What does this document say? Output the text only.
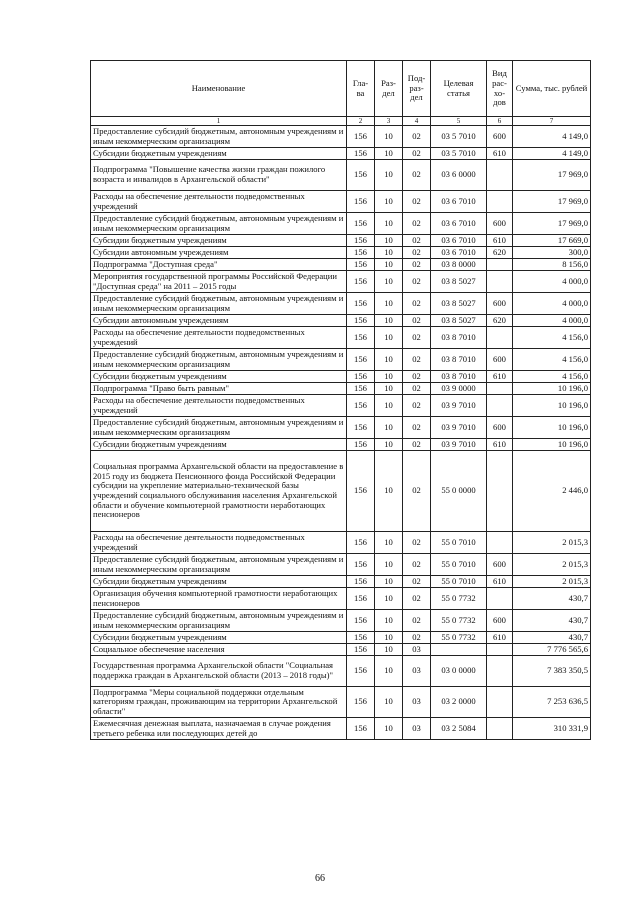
Наименование	Гла-ва	Раз-дел	Под-раз-дел	Целевая статья	Вид рас-хо-дов	Сумма, тыс. рублей
1	2	3	4	5	6	7
Предоставление субсидий бюджетным, автономным учреждениям и иным некоммерческим организациям	156	10	02	03 5 7010	600	4 149,0
Субсидии бюджетным учреждениям	156	10	02	03 5 7010	610	4 149,0
Подпрограмма "Повышение качества жизни граждан пожилого возраста и инвалидов в Архангельской области"	156	10	02	03 6 0000		17 969,0
Расходы на обеспечение деятельности подведомственных учреждений	156	10	02	03 6 7010		17 969,0
Предоставление субсидий бюджетным, автономным учреждениям и иным некоммерческим организациям	156	10	02	03 6 7010	600	17 969,0
Субсидии бюджетным учреждениям	156	10	02	03 6 7010	610	17 669,0
Субсидии автономным учреждениям	156	10	02	03 6 7010	620	300,0
Подпрограмма "Доступная среда"	156	10	02	03 8 0000		8 156,0
Мероприятия государственной программы Российской Федерации "Доступная среда" на 2011 – 2015 годы	156	10	02	03 8 5027		4 000,0
Предоставление субсидий бюджетным, автономным учреждениям и иным некоммерческим организациям	156	10	02	03 8 5027	600	4 000,0
Субсидии автономным учреждениям	156	10	02	03 8 5027	620	4 000,0
Расходы на обеспечение деятельности подведомственных учреждений	156	10	02	03 8 7010		4 156,0
Предоставление субсидий бюджетным, автономным учреждениям и иным некоммерческим организациям	156	10	02	03 8 7010	600	4 156,0
Субсидии бюджетным учреждениям	156	10	02	03 8 7010	610	4 156,0
Подпрограмма "Право быть равным"	156	10	02	03 9 0000		10 196,0
Расходы на обеспечение деятельности подведомственных учреждений	156	10	02	03 9 7010		10 196,0
Предоставление субсидий бюджетным, автономным учреждениям и иным некоммерческим организациям	156	10	02	03 9 7010	600	10 196,0
Субсидии бюджетным учреждениям	156	10	02	03 9 7010	610	10 196,0
Социальная программа Архангельской области на предоставление в 2015 году из бюджета Пенсионного фонда Российской Федерации субсидии на укрепление материально-технической базы учреждений социального обслуживания населения Архангельской области и обучение компьютерной грамотности неработающих пенсионеров	156	10	02	55 0 0000		2 446,0
Расходы на обеспечение деятельности подведомственных учреждений	156	10	02	55 0 7010		2 015,3
Предоставление субсидий бюджетным, автономным учреждениям и иным некоммерческим организациям	156	10	02	55 0 7010	600	2 015,3
Субсидии бюджетным учреждениям	156	10	02	55 0 7010	610	2 015,3
Организация обучения компьютерной грамотности неработающих пенсионеров	156	10	02	55 0 7732		430,7
Предоставление субсидий бюджетным, автономным учреждениям и иным некоммерческим организациям	156	10	02	55 0 7732	600	430,7
Субсидии бюджетным учреждениям	156	10	02	55 0 7732	610	430,7
Социальное обеспечение населения	156	10	03			7 776 565,6
Государственная программа Архангельской области "Социальная поддержка граждан в Архангельской области (2013 – 2018 годы)"	156	10	03	03 0 0000		7 383 350,5
Подпрограмма "Меры социальной поддержки отдельным категориям граждан, проживающим на территории Архангельской области"	156	10	03	03 2 0000		7 253 636,5
Ежемесячная денежная выплата, назначаемая в случае рождения третьего ребенка или последующих детей до	156	10	03	03 2 5084		310 331,9
66
